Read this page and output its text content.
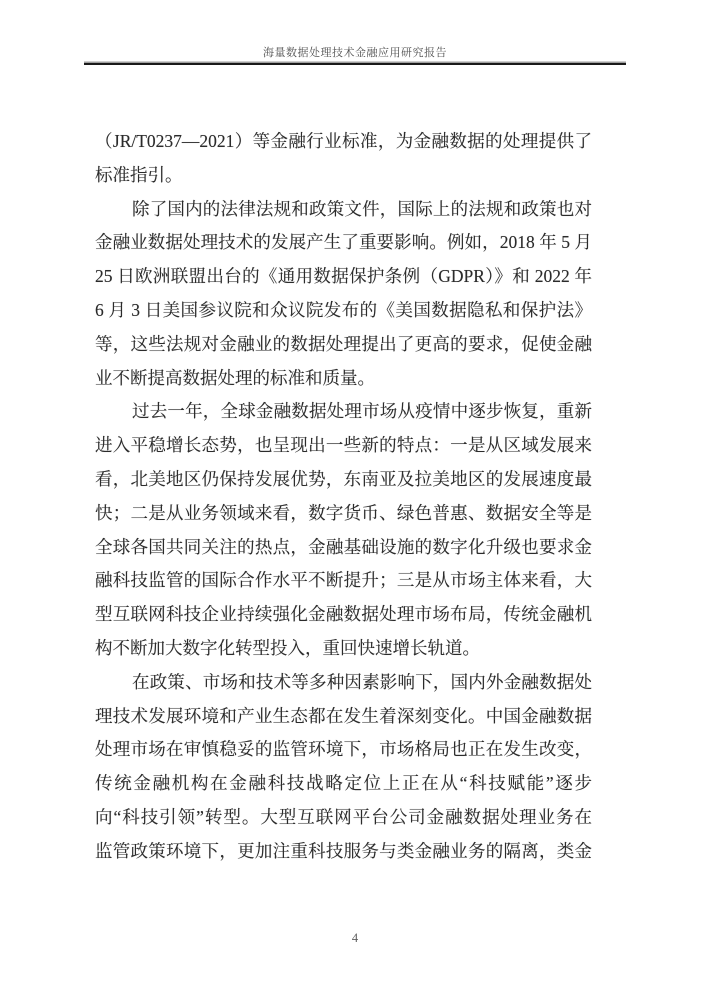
海量数据处理技术金融应用研究报告
（JR/T0237—2021）等金融行业标准，为金融数据的处理提供了
标准指引。
除了国内的法律法规和政策文件，国际上的法规和政策也对
金融业数据处理技术的发展产生了重要影响。例如，2018 年 5 月
25 日欧洲联盟出台的《通用数据保护条例（GDPR）》和 2022 年
6 月 3 日美国参议院和众议院发布的《美国数据隐私和保护法》
等，这些法规对金融业的数据处理提出了更高的要求，促使金融
业不断提高数据处理的标准和质量。
过去一年，全球金融数据处理市场从疫情中逐步恢复，重新
进入平稳增长态势，也呈现出一些新的特点：一是从区域发展来
看，北美地区仍保持发展优势，东南亚及拉美地区的发展速度最
快；二是从业务领域来看，数字货币、绿色普惠、数据安全等是
全球各国共同关注的热点，金融基础设施的数字化升级也要求金
融科技监管的国际合作水平不断提升；三是从市场主体来看，大
型互联网科技企业持续强化金融数据处理市场布局，传统金融机
构不断加大数字化转型投入，重回快速增长轨道。
在政策、市场和技术等多种因素影响下，国内外金融数据处
理技术发展环境和产业生态都在发生着深刻变化。中国金融数据
处理市场在审慎稳妥的监管环境下，市场格局也正在发生改变，
传统金融机构在金融科技战略定位上正在从“科技赋能”逐步
向“科技引领”转型。大型互联网平台公司金融数据处理业务在
监管政策环境下，更加注重科技服务与类金融业务的隔离，类金
4
